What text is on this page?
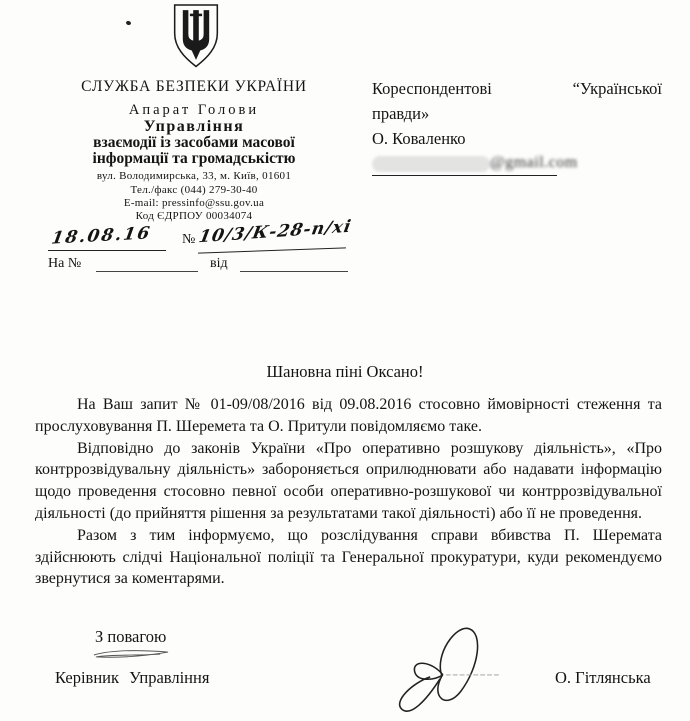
СЛУЖБА БЕЗПЕКИ УКРАЇНИ
Апарат Голови
Управління
взаємодії із засобами масової
інформації та громадськістю
вул. Володимирська, 33, м. Київ, 01601
Тел./факс (044) 279-30-40
E-mail: pressinfo@ssu.gov.ua
Код ЄДРПОУ 00034074
18.08.16 № 10/3/К-28-п/хі
На №	від
Кореспондентові	“Української
правди»
О. Коваленко
@gmail.com
Шановна піні Оксано!

На Ваш запит № 01-09/08/2016 від 09.08.2016 стосовно ймовірності стеження та прослуховування П. Шеремета та О. Притули повідомляємо таке.

Відповідно до законів України «Про оперативно розшукову діяльність», «Про контррозвідувальну діяльність» забороняється оприлюднювати або надавати інформацію щодо проведення стосовно певної особи оперативно-розшукової чи контррозвідувальної діяльності (до прийняття рішення за результатами такої діяльності) або її не проведення.

Разом з тим інформуємо, що розслідування справи вбивства П. Шеремата здійснюють слідчі Національної поліції та Генеральної прокуратури, куди рекомендуємо звернутися за коментарями.

З повагою
Керівник Управління	О. Гітлянська
